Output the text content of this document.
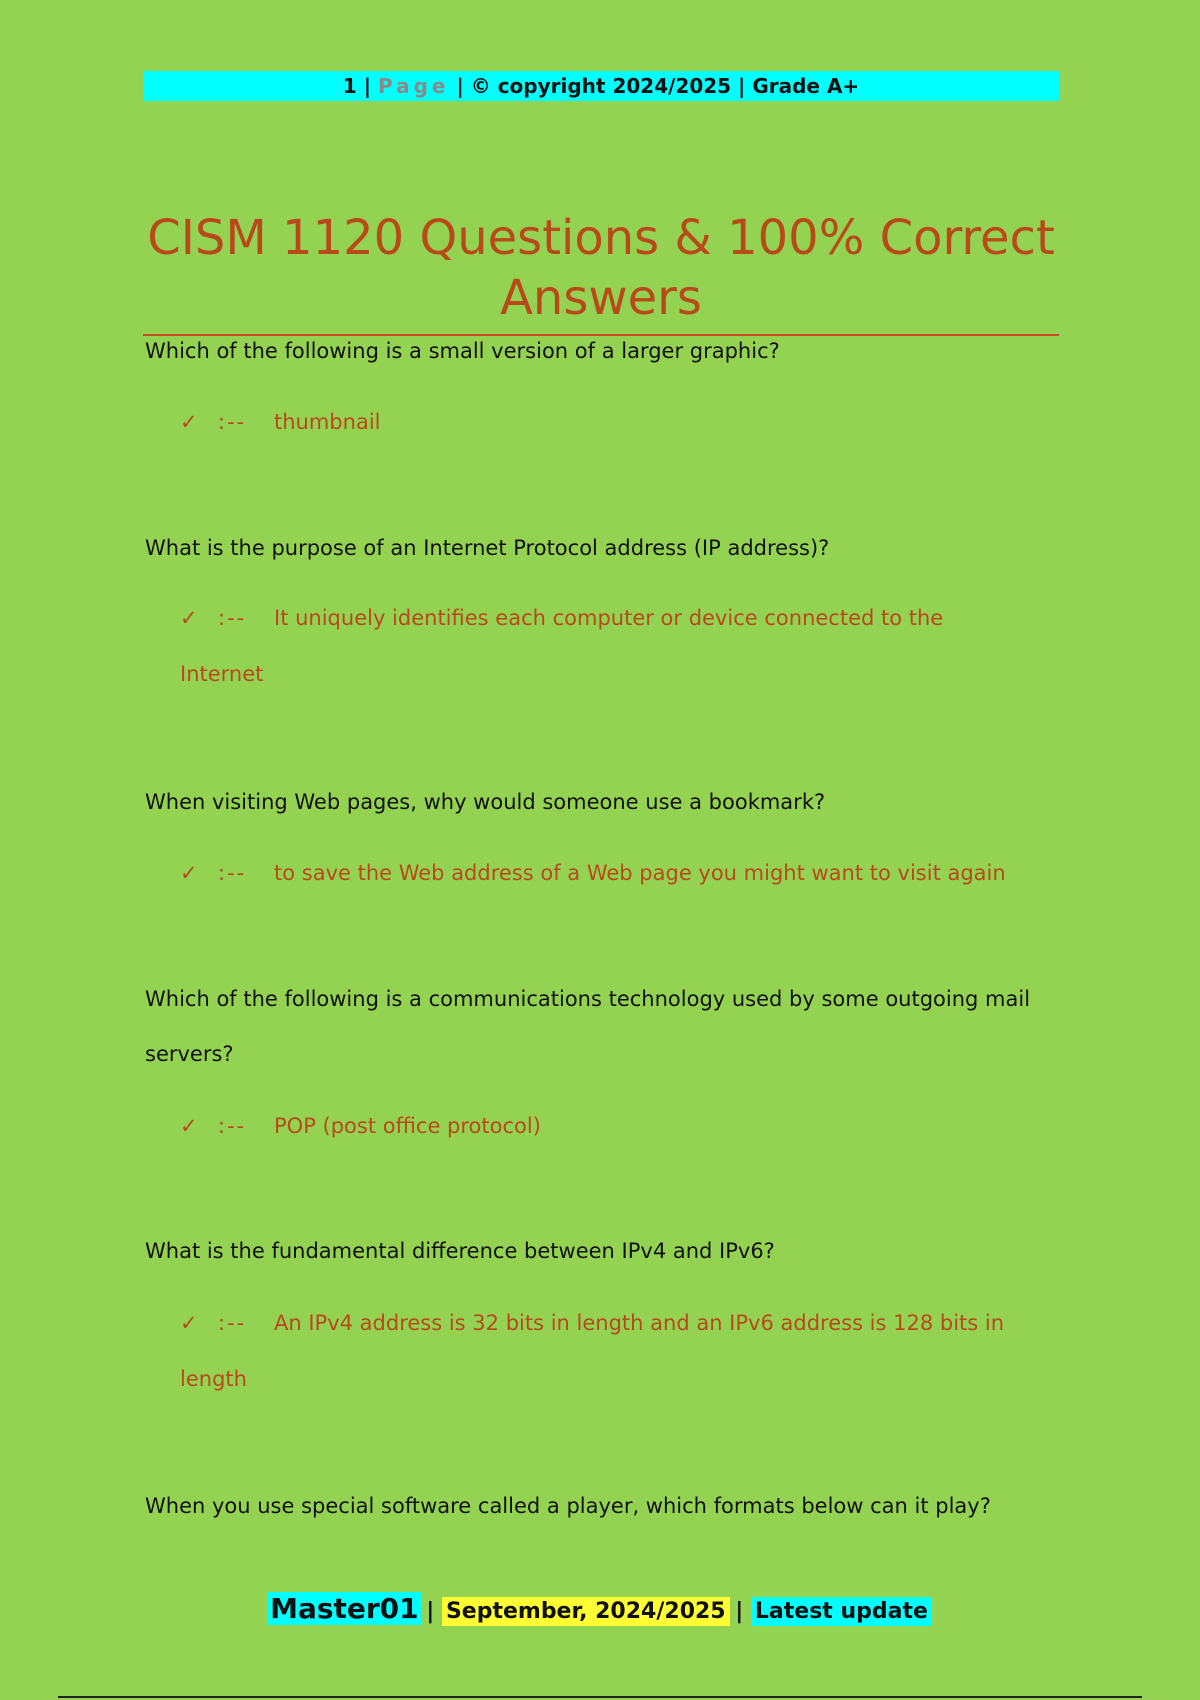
1 | Page | © copyright 2024/2025 | Grade A+
CISM 1120 Questions & 100% Correct Answers
Which of the following is a small version of a larger graphic?
✓ :-- thumbnail
What is the purpose of an Internet Protocol address (IP address)?
✓ :-- It uniquely identifies each computer or device connected to the Internet
When visiting Web pages, why would someone use a bookmark?
✓ :-- to save the Web address of a Web page you might want to visit again
Which of the following is a communications technology used by some outgoing mail servers?
✓ :-- POP (post office protocol)
What is the fundamental difference between IPv4 and IPv6?
✓ :-- An IPv4 address is 32 bits in length and an IPv6 address is 128 bits in length
When you use special software called a player, which formats below can it play?
Master01 | September, 2024/2025 | Latest update
